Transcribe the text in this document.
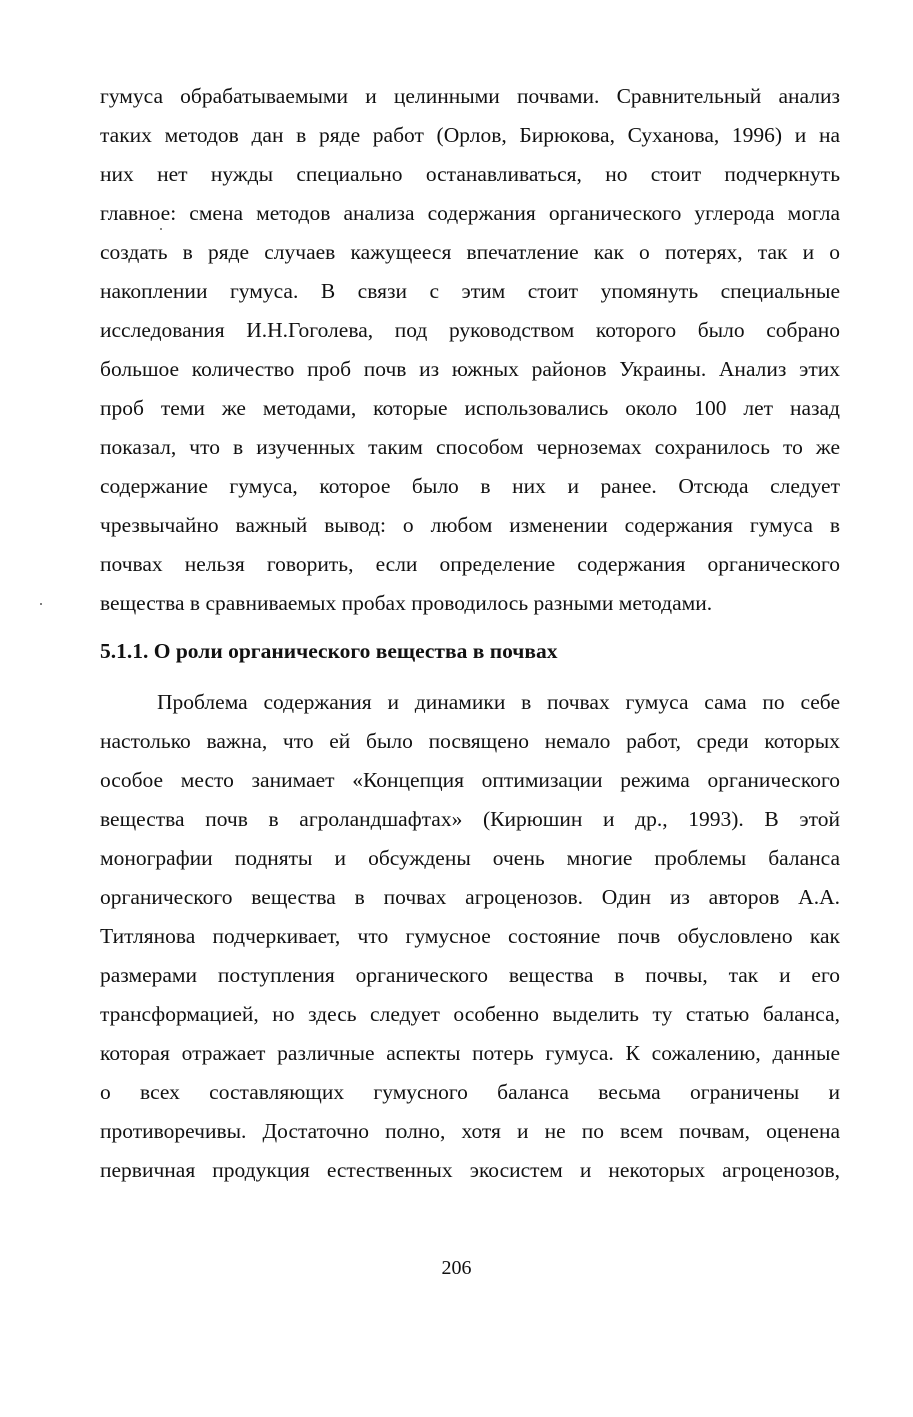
гумуса обрабатываемыми и целинными почвами. Сравнительный анализ
таких методов дан в ряде работ (Орлов, Бирюкова, Суханова, 1996) и на
них нет нужды специально останавливаться, но стоит подчеркнуть
главное: смена методов анализа содержания органического углерода могла
создать в ряде случаев кажущееся впечатление как о потерях, так и о
накоплении гумуса. В связи с этим стоит упомянуть специальные
исследования И.Н.Гоголева, под руководством которого было собрано
большое количество проб почв из южных районов Украины. Анализ этих
проб теми же методами, которые использовались около 100 лет назад
показал, что в изученных таким способом черноземах сохранилось то же
содержание гумуса, которое было в них и ранее. Отсюда следует
чрезвычайно важный вывод: о любом изменении содержания гумуса в
почвах нельзя говорить, если определение содержания органического
вещества в сравниваемых пробах проводилось разными методами.
5.1.1. О роли органического вещества в почвах
Проблема содержания и динамики в почвах гумуса сама по себе
настолько важна, что ей было посвящено немало работ, среди которых
особое место занимает «Концепция оптимизации режима органического
вещества почв в агроландшафтах» (Кирюшин и др., 1993). В этой
монографии подняты и обсуждены очень многие проблемы баланса
органического вещества в почвах агроценозов. Один из авторов А.А.
Титлянова подчеркивает, что гумусное состояние почв обусловлено как
размерами поступления органического вещества в почвы, так и его
трансформацией, но здесь следует особенно выделить ту статью баланса,
которая отражает различные аспекты потерь гумуса. К сожалению, данные
о всех составляющих гумусного баланса весьма ограничены и
противоречивы. Достаточно полно, хотя и не по всем почвам, оценена
первичная продукция естественных экосистем и некоторых агроценозов,
206
